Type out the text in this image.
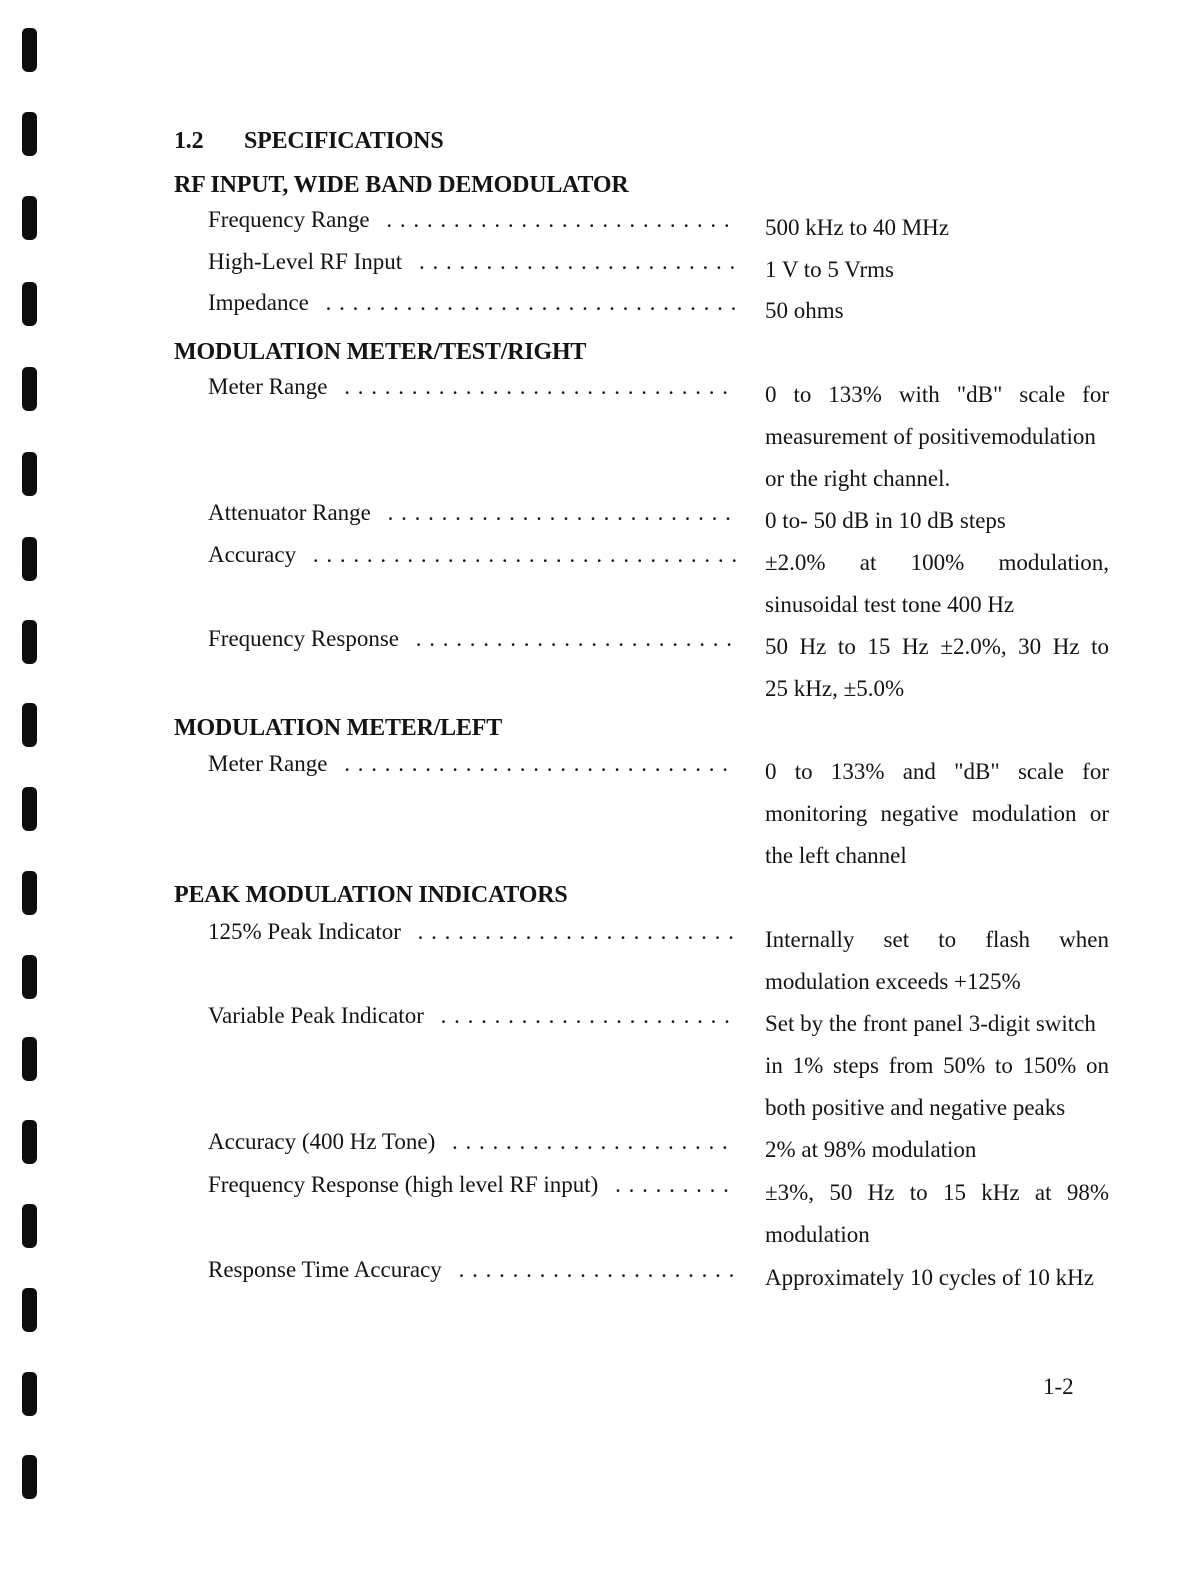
1.2 SPECIFICATIONS
RF INPUT, WIDE BAND DEMODULATOR
Frequency Range . . .	500 kHz to 40 MHz
High-Level RF Input . . .	1 V to 5 Vrms
Impedance . . .	50 ohms
MODULATION METER/TEST/RIGHT
Meter Range . . .	0 to 133% with "dB" scale for
measurement of positivemodulation
or the right channel.
Attenuator Range . . .	0 to- 50 dB in 10 dB steps
Accuracy . . .	±2.0% at 100% modulation,
sinusoidal test tone 400 Hz
Frequency Response . . .	50 Hz to 15 Hz ±2.0%, 30 Hz to
25 kHz, ±5.0%
MODULATION METER/LEFT
Meter Range . . .	0 to 133% and "dB" scale for
monitoring negative modulation or
the left channel
PEAK MODULATION INDICATORS
125% Peak Indicator . . .	Internally set to flash when
modulation exceeds +125%
Variable Peak Indicator . . .	Set by the front panel 3-digit switch
in 1% steps from 50% to 150% on
both positive and negative peaks
Accuracy (400 Hz Tone) . . .	2% at 98% modulation
Frequency Response (high level RF input) . . .	±3%, 50 Hz to 15 kHz at 98%
modulation
Response Time Accuracy . . .	Approximately 10 cycles of 10 kHz
1-2
